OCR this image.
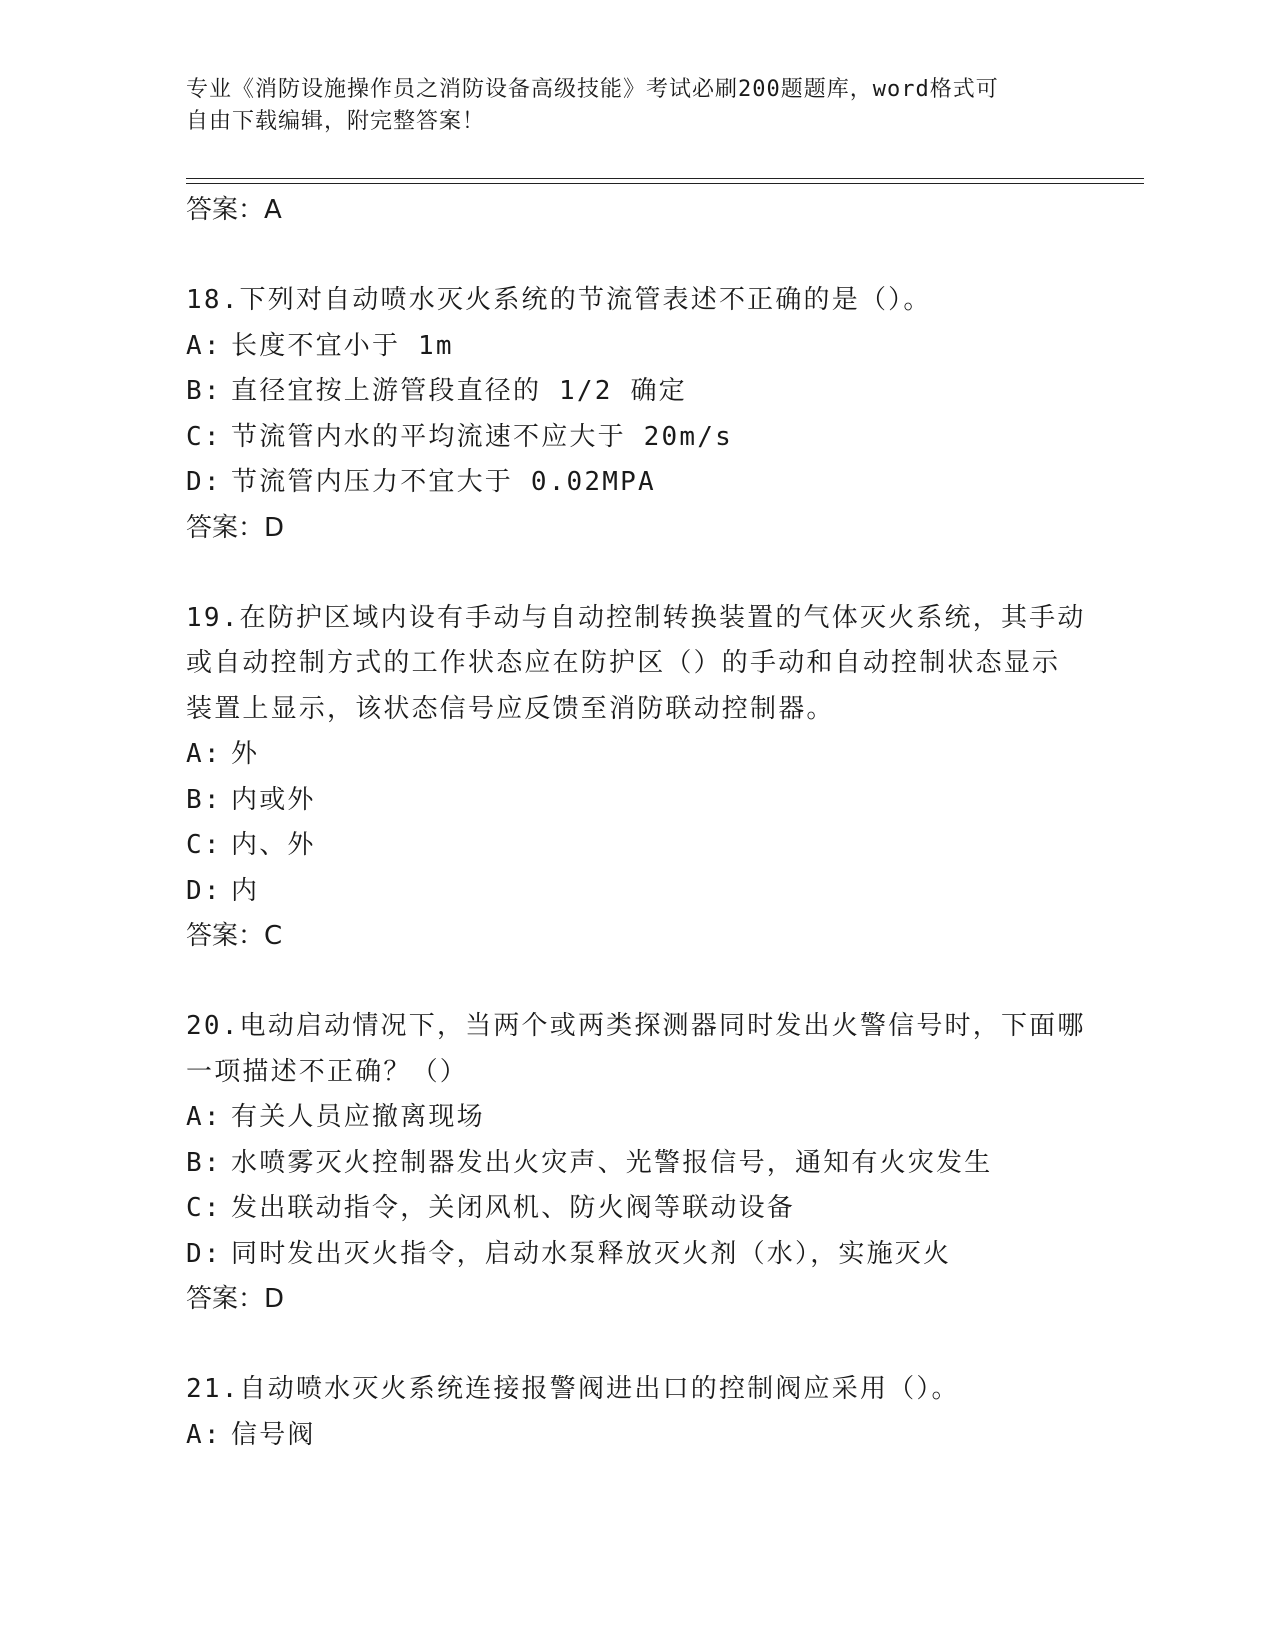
专业《消防设施操作员之消防设备高级技能》考试必刷200题题库，word格式可
自由下载编辑，附完整答案！

答案：A

18.下列对自动喷水灭火系统的节流管表述不正确的是（）。

A: 长度不宜小于 1m

B: 直径宜按上游管段直径的 1/2 确定

C: 节流管内水的平均流速不应大于 20m/s

D: 节流管内压力不宜大于 0.02MPA

答案：D

19.在防护区域内设有手动与自动控制转换装置的气体灭火系统，其手动或自动控制方式的工作状态应在防护区（）的手动和自动控制状态显示装置上显示，该状态信号应反馈至消防联动控制器。

A: 外

B: 内或外

C: 内、外

D: 内

答案：C

20.电动启动情况下，当两个或两类探测器同时发出火警信号时，下面哪一项描述不正确？（）

A: 有关人员应撤离现场

B: 水喷雾灭火控制器发出火灾声、光警报信号，通知有火灾发生

C: 发出联动指令，关闭风机、防火阀等联动设备

D: 同时发出灭火指令，启动水泵释放灭火剂（水），实施灭火

答案：D

21.自动喷水灭火系统连接报警阀进出口的控制阀应采用（）。

A: 信号阀
